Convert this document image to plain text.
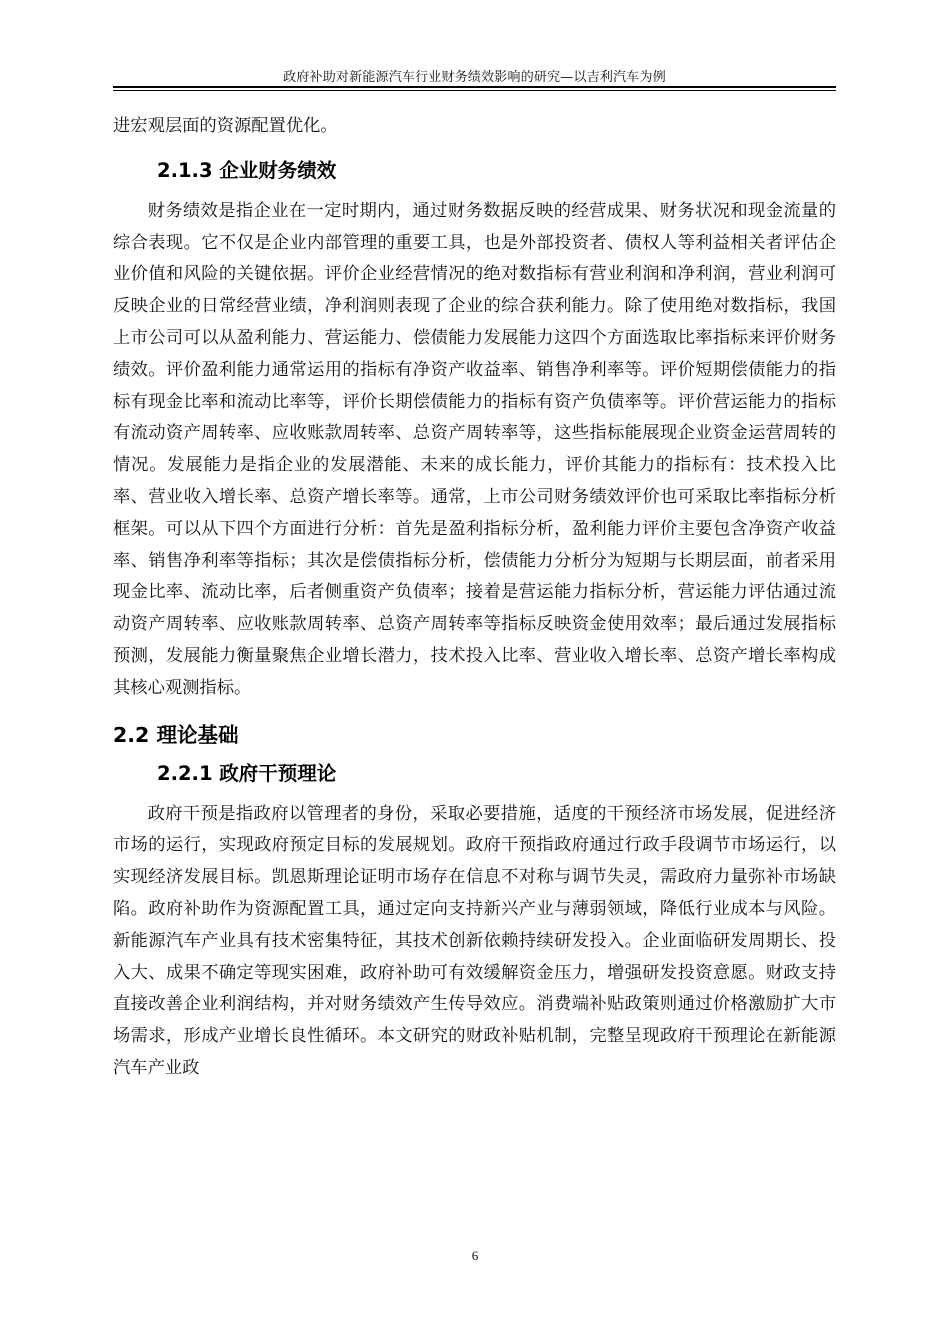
政府补助对新能源汽车行业财务绩效影响的研究—以吉利汽车为例

进宏观层面的资源配置优化。

2.1.3 企业财务绩效

财务绩效是指企业在一定时期内，通过财务数据反映的经营成果、财务状况和现金流量的综合表现。它不仅是企业内部管理的重要工具，也是外部投资者、债权人等利益相关者评估企业价值和风险的关键依据。评价企业经营情况的绝对数指标有营业利润和净利润，营业利润可反映企业的日常经营业绩，净利润则表现了企业的综合获利能力。除了使用绝对数指标，我国上市公司可以从盈利能力、营运能力、偿债能力发展能力这四个方面选取比率指标来评价财务绩效。评价盈利能力通常运用的指标有净资产收益率、销售净利率等。评价短期偿债能力的指标有现金比率和流动比率等，评价长期偿债能力的指标有资产负债率等。评价营运能力的指标有流动资产周转率、应收账款周转率、总资产周转率等，这些指标能展现企业资金运营周转的情况。发展能力是指企业的发展潜能、未来的成长能力，评价其能力的指标有：技术投入比率、营业收入增长率、总资产增长率等。通常，上市公司财务绩效评价也可采取比率指标分析框架。可以从下四个方面进行分析：首先是盈利指标分析，盈利能力评价主要包含净资产收益率、销售净利率等指标；其次是偿债指标分析，偿债能力分析分为短期与长期层面，前者采用现金比率、流动比率，后者侧重资产负债率；接着是营运能力指标分析，营运能力评估通过流动资产周转率、应收账款周转率、总资产周转率等指标反映资金使用效率；最后通过发展指标预测，发展能力衡量聚焦企业增长潜力，技术投入比率、营业收入增长率、总资产增长率构成其核心观测指标。

2.2 理论基础
2.2.1 政府干预理论

政府干预是指政府以管理者的身份，采取必要措施，适度的干预经济市场发展，促进经济市场的运行，实现政府预定目标的发展规划。政府干预指政府通过行政手段调节市场运行，以实现经济发展目标。凯恩斯理论证明市场存在信息不对称与调节失灵，需政府力量弥补市场缺陷。政府补助作为资源配置工具，通过定向支持新兴产业与薄弱领域，降低行业成本与风险。新能源汽车产业具有技术密集特征，其技术创新依赖持续研发投入。企业面临研发周期长、投入大、成果不确定等现实困难，政府补助可有效缓解资金压力，增强研发投资意愿。财政支持直接改善企业利润结构，并对财务绩效产生传导效应。消费端补贴政策则通过价格激励扩大市场需求，形成产业增长良性循环。本文研究的财政补贴机制，完整呈现政府干预理论在新能源汽车产业政

6
